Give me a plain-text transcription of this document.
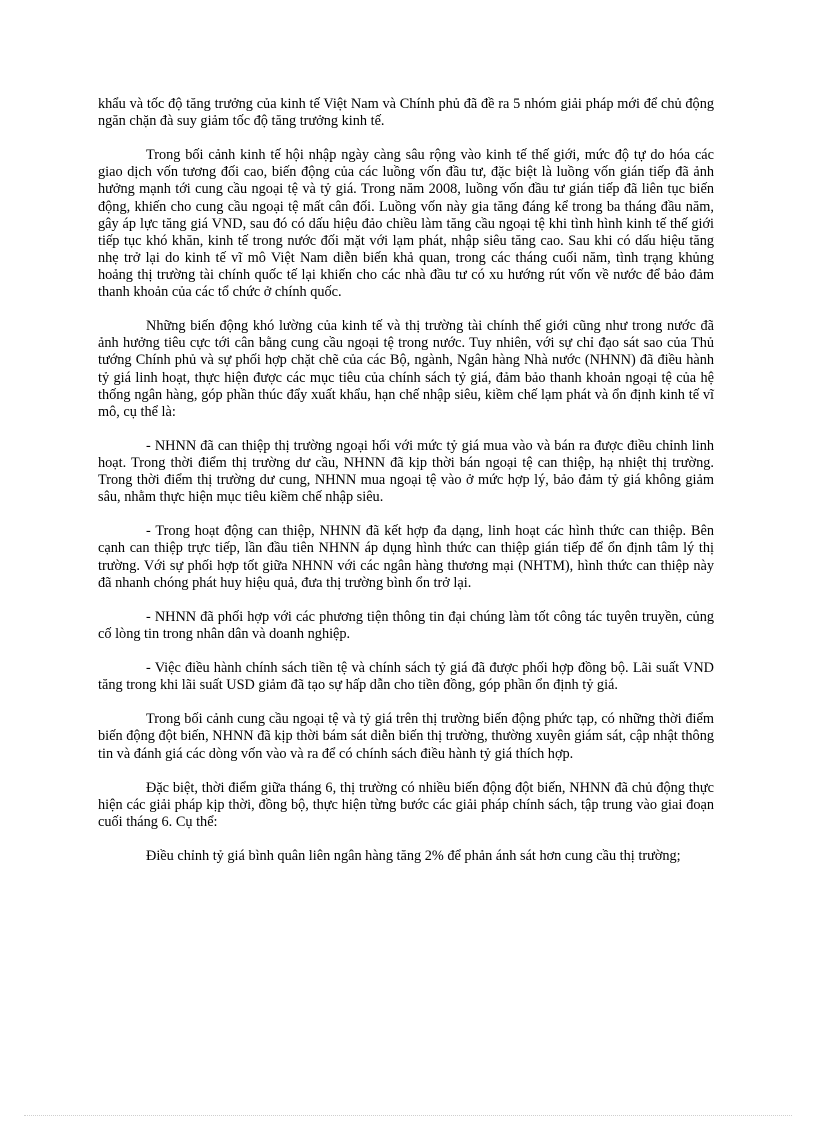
khẩu và tốc độ tăng trưởng của kinh tế Việt Nam và Chính phủ đã đề ra 5 nhóm giải pháp mới để chủ động ngăn chặn đà suy giảm tốc độ tăng trưởng kinh tế.

Trong bối cảnh kinh tế hội nhập ngày càng sâu rộng vào kinh tế thế giới, mức độ tự do hóa các giao dịch vốn tương đối cao, biến động của các luồng vốn đầu tư, đặc biệt là luồng vốn gián tiếp đã ảnh hưởng mạnh tới cung cầu ngoại tệ và tỷ giá. Trong năm 2008, luồng vốn đầu tư gián tiếp đã liên tục biến động, khiến cho cung cầu ngoại tệ mất cân đối. Luồng vốn này gia tăng đáng kể trong ba tháng đầu năm, gây áp lực tăng giá VND, sau đó có dấu hiệu đảo chiều làm tăng cầu ngoại tệ khi tình hình kinh tế thế giới tiếp tục khó khăn, kinh tế trong nước đối mặt với lạm phát, nhập siêu tăng cao. Sau khi có dấu hiệu tăng nhẹ trở lại do kinh tế vĩ mô Việt Nam diễn biến khả quan, trong các tháng cuối năm, tình trạng khủng hoảng thị trường tài chính quốc tế lại khiến cho các nhà đầu tư có xu hướng rút vốn về nước để bảo đảm thanh khoản của các tổ chức ở chính quốc.

Những biến động khó lường của kinh tế và thị trường tài chính thế giới cũng như trong nước đã ảnh hưởng tiêu cực tới cân bằng cung cầu ngoại tệ trong nước. Tuy nhiên, với sự chỉ đạo sát sao của Thủ tướng Chính phủ và sự phối hợp chặt chẽ của các Bộ, ngành, Ngân hàng Nhà nước (NHNN) đã điều hành tỷ giá linh hoạt, thực hiện được các mục tiêu của chính sách tỷ giá, đảm bảo thanh khoản ngoại tệ của hệ thống ngân hàng, góp phần thúc đẩy xuất khẩu, hạn chế nhập siêu, kiềm chế lạm phát và ổn định kinh tế vĩ mô, cụ thể là:

- NHNN đã can thiệp thị trường ngoại hối với mức tỷ giá mua vào và bán ra được điều chỉnh linh hoạt. Trong thời điểm thị trường dư cầu, NHNN đã kịp thời bán ngoại tệ can thiệp, hạ nhiệt thị trường. Trong thời điểm thị trường dư cung, NHNN mua ngoại tệ vào ở mức hợp lý, bảo đảm tỷ giá không giảm sâu, nhằm thực hiện mục tiêu kiềm chế nhập siêu.

- Trong hoạt động can thiệp, NHNN đã kết hợp đa dạng, linh hoạt các hình thức can thiệp. Bên cạnh can thiệp trực tiếp, lần đầu tiên NHNN áp dụng hình thức can thiệp gián tiếp để ổn định tâm lý thị trường. Với sự phối hợp tốt giữa NHNN với các ngân hàng thương mại (NHTM), hình thức can thiệp này đã nhanh chóng phát huy hiệu quả, đưa thị trường bình ổn trở lại.

- NHNN đã phối hợp với các phương tiện thông tin đại chúng làm tốt công tác tuyên truyền, củng cố lòng tin trong nhân dân và doanh nghiệp.

- Việc điều hành chính sách tiền tệ và chính sách tỷ giá đã được phối hợp đồng bộ. Lãi suất VND tăng trong khi lãi suất USD giảm đã tạo sự hấp dẫn cho tiền đồng, góp phần ổn định tỷ giá.

Trong bối cảnh cung cầu ngoại tệ và tỷ giá trên thị trường biến động phức tạp, có những thời điểm biến động đột biến, NHNN đã kịp thời bám sát diễn biến thị trường, thường xuyên giám sát, cập nhật thông tin và đánh giá các dòng vốn vào và ra để có chính sách điều hành tỷ giá thích hợp.

Đặc biệt, thời điểm giữa tháng 6, thị trường có nhiều biến động đột biến, NHNN đã chủ động thực hiện các giải pháp kịp thời, đồng bộ, thực hiện từng bước các giải pháp chính sách, tập trung vào giai đoạn cuối tháng 6. Cụ thể:

Điều chỉnh tỷ giá bình quân liên ngân hàng tăng 2% để phản ánh sát hơn cung cầu thị trường;
